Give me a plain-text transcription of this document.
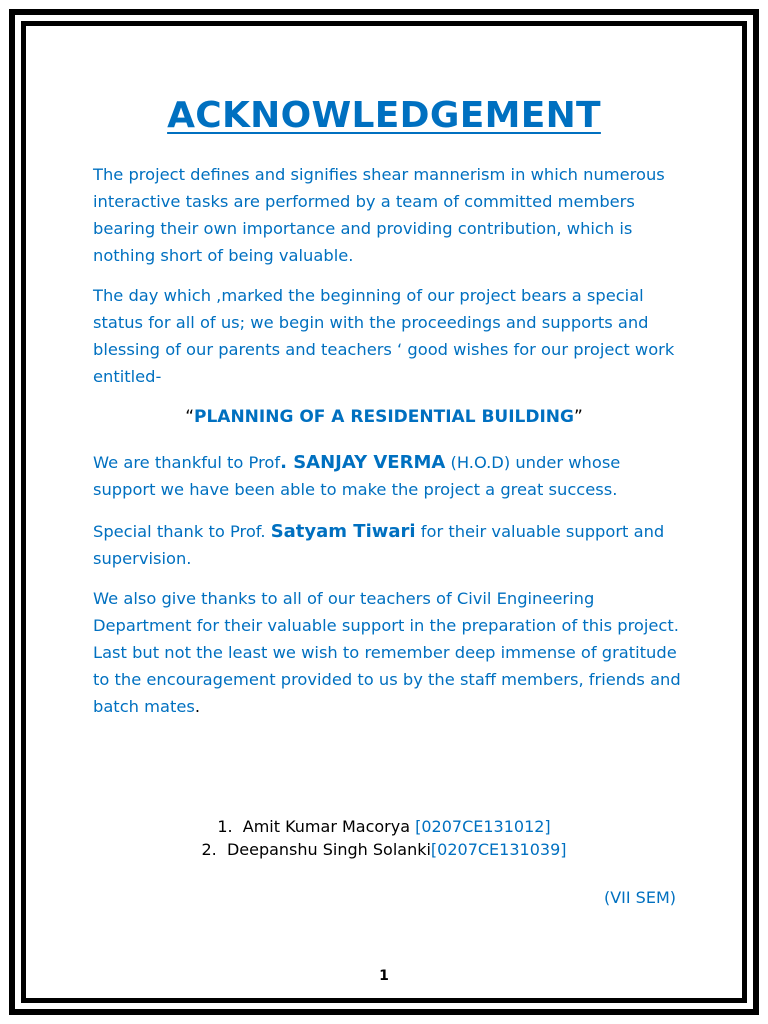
ACKNOWLEDGEMENT

The project defines and signifies shear mannerism in which numerous interactive tasks are performed by a team of committed members bearing their own importance and providing contribution, which is nothing short of being valuable.

The day which ,marked the beginning of our project bears a special status for all of us; we begin with the proceedings and supports and blessing of our parents and teachers ‘ good wishes for our project work entitled-

“PLANNING OF A RESIDENTIAL BUILDING”

We are thankful to Prof. SANJAY VERMA (H.O.D) under whose support we have been able to make the project a great success.

Special thank to Prof. Satyam Tiwari for their valuable support and supervision.

We also give thanks to all of our teachers of Civil Engineering Department for their valuable support in the preparation of this project. Last but not the least we wish to remember deep immense of gratitude to the encouragement provided to us by the staff members, friends and batch mates.

1. Amit Kumar Macorya [0207CE131012]
2. Deepanshu Singh Solanki[0207CE131039]

(VII SEM)

1
